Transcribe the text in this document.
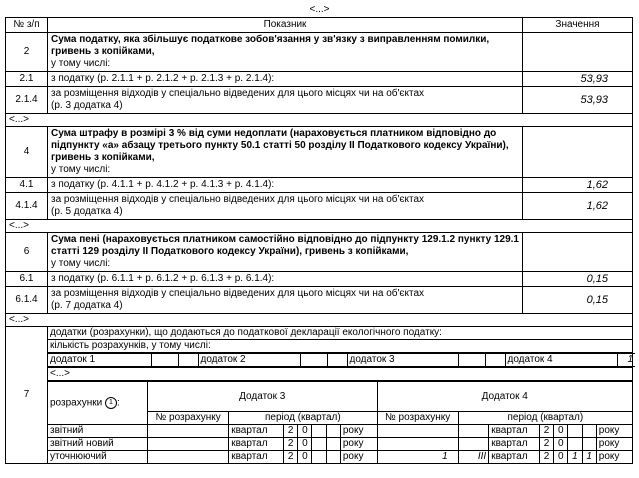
<...>
№ з/п	Показник	Значення
2	Сума податку, яка збільшує податкове зобов'язання у зв'язку з виправленням помилки, гривень з копійками,
у тому числі:	
2.1	з податку (р. 2.1.1 + р. 2.1.2 + р. 2.1.3 + р. 2.1.4):	53,93
2.1.4	за розміщення відходів у спеціально відведених для цього місцях чи на об'єктах
(р. 3 додатка 4)	53,93
<...>
4	Сума штрафу в розмірі 3 % від суми недоплати (нараховується платником відповідно до підпункту «а» абзацу третього пункту 50.1 статті 50 розділу II Податкового кодексу України), гривень з копійками,
у тому числі:	
4.1	з податку (р. 4.1.1 + р. 4.1.2 + р. 4.1.3 + р. 4.1.4):	1,62
4.1.4	за розміщення відходів у спеціально відведених для цього місцях чи на об'єктах
(р. 5 додатка 4)	1,62
<...>
6	Сума пені (нараховується платником самостійно відповідно до підпункту 129.1.2 пункту 129.1 статті 129 розділу II Податкового кодексу України), гривень з копійками,
у тому числі:	
6.1	з податку (р. 6.1.1 + р. 6.1.2 + р. 6.1.3 + р. 6.1.4):	0,15
6.1.4	за розміщення відходів у спеціально відведених для цього місцях чи на об'єктах
(р. 7 додатка 4)	0,15
<...>
7	
додатки (розрахунки), що додаються до податкової декларації екологічного податку:
кількість розрахунків, у тому числі:
додаток 1			додаток 2			додаток 3			додаток 4	1
<...>
розрахунки 1 :	Додаток 3	Додаток 4
№ розрахунку	період (квартал)	№ розрахунку	період (квартал)
звітний		квартал	2	0			року			квартал	2	0			року
звітний новий		квартал	2	0			року			квартал	2	0			року
уточнюючий		квартал	2	0			року	1	III	квартал	2	0	1	1	року
